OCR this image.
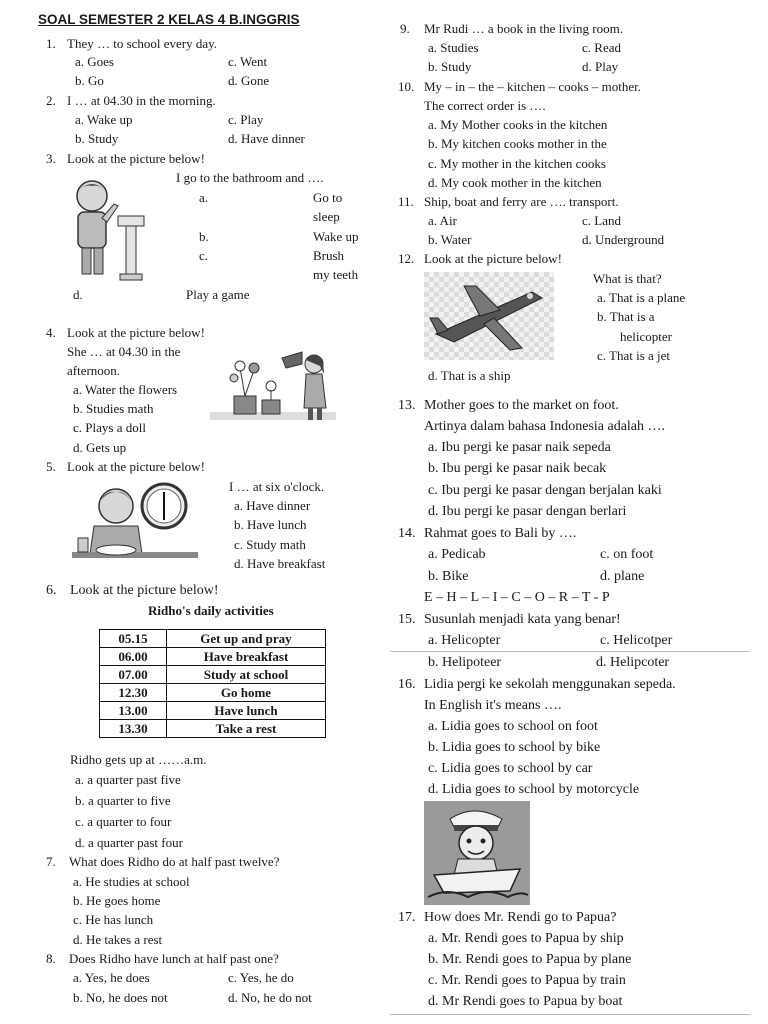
SOAL SEMESTER 2 KELAS 4 B.INGGRIS
1. They … to school every day.
a. Goes	c. Went
b. Go	d. Gone
2. I … at 04.30 in the morning.
a. Wake up	c. Play
b. Study	d. Have dinner
3. Look at the picture below!
I go to the bathroom and ….
a.	Go to
sleep
b.	Wake up
c.	Brush
my teeth
d.	Play a game
4. Look at the picture below!
She … at 04.30 in the
afternoon.
a. Water the flowers
b. Studies math
c. Plays a doll
d. Gets up
5. Look at the picture below!
I … at six o'clock.
a. Have dinner
b. Have lunch
c. Study math
d. Have breakfast
6. Look at the picture below!
Ridho's daily activities
05.15	Get up and pray
06.00	Have breakfast
07.00	Study at school
12.30	Go home
13.00	Have lunch
13.30	Take a rest
Ridho gets up at ……a.m.
a. a quarter past five
b. a quarter to five
c. a quarter to four
d. a quarter past four
7. What does Ridho do at half past twelve?
a. He studies at school
b. He goes home
c. He has lunch
d. He takes a rest
8. Does Ridho have lunch at half past one?
a. Yes, he does	c. Yes, he do
b. No, he does not	d. No, he do not
9. Mr Rudi … a book in the living room.
a. Studies	c. Read
b. Study	d. Play
10. My – in – the – kitchen – cooks – mother.
The correct order is ….
a. My Mother cooks in the kitchen
b. My kitchen cooks mother in the
c. My mother in the kitchen cooks
d. My cook mother in the kitchen
11. Ship, boat and ferry are …. transport.
a. Air	c. Land
b. Water	d. Underground
12. Look at the picture below!
What is that?
a. That is a plane
b. That is a
helicopter
c. That is a jet
d. That is a ship
13. Mother goes to the market on foot.
Artinya dalam bahasa Indonesia adalah ….
a. Ibu pergi ke pasar naik sepeda
b. Ibu pergi ke pasar naik becak
c. Ibu pergi ke pasar dengan berjalan kaki
d. Ibu pergi ke pasar dengan berlari
14. Rahmat goes to Bali by ….
a. Pedicab	c. on foot
b. Bike	d. plane
E – H – L – I – C – O – R – T - P
15. Susunlah menjadi kata yang benar!
a. Helicopter	c. Helicotper
b. Helipoteer	d. Helipcoter
16. Lidia pergi ke sekolah menggunakan sepeda.
In English it's means ….
a. Lidia goes to school on foot
b. Lidia goes to school by bike
c. Lidia goes to school by car
d. Lidia goes to school by motorcycle
17. How does Mr. Rendi go to Papua?
a. Mr. Rendi goes to Papua by ship
b. Mr. Rendi goes to Papua by plane
c. Mr. Rendi goes to Papua by train
d. Mr Rendi goes to Papua by boat
